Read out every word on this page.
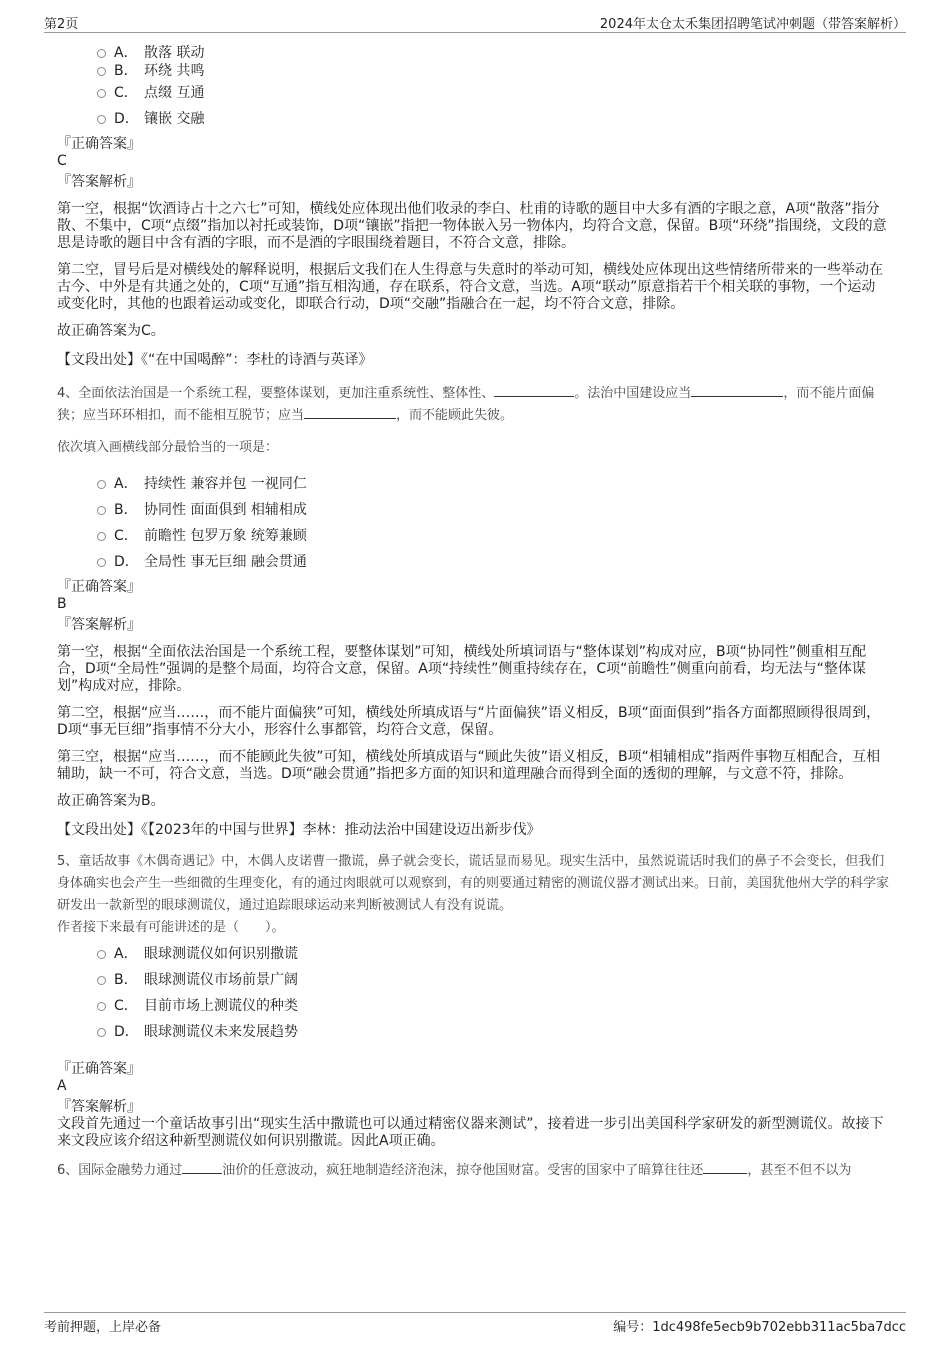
第2页	2024年太仓太禾集团招聘笔试冲刺题（带答案解析）
A． 散落 联动
B． 环绕 共鸣
C． 点缀 互通
D． 镶嵌 交融
『正确答案』
C
『答案解析』

第一空，根据“饮酒诗占十之六七”可知，横线处应体现出他们收录的李白、杜甫的诗歌的题目中大多有酒的字眼之意，A项“散落”指分散、不集中，C项“点缀”指加以衬托或装饰，D项“镶嵌”指把一物体嵌入另一物体内，均符合文意，保留。B项“环绕”指围绕，文段的意思是诗歌的题目中含有酒的字眼，而不是酒的字眼围绕着题目，不符合文意，排除。

第二空，冒号后是对横线处的解释说明，根据后文我们在人生得意与失意时的举动可知，横线处应体现出这些情绪所带来的一些举动在古今、中外是有共通之处的，C项“互通”指互相沟通，存在联系，符合文意，当选。A项“联动”原意指若干个相关联的事物，一个运动或变化时，其他的也跟着运动或变化，即联合行动，D项“交融”指融合在一起，均不符合文意，排除。

故正确答案为C。

【文段出处】《“在中国喝醉”：李杜的诗酒与英译》
4、全面依法治国是一个系统工程，要整体谋划，更加注重系统性、整体性、	。法治中国建设应当	，而不能片面偏狭；应当环环相扣，而不能相互脱节；应当	，而不能顾此失彼。
依次填入画横线部分最恰当的一项是：
A． 持续性 兼容并包 一视同仁
B． 协同性 面面俱到 相辅相成
C． 前瞻性 包罗万象 统筹兼顾
D． 全局性 事无巨细 融会贯通
『正确答案』
B
『答案解析』

第一空，根据“全面依法治国是一个系统工程，要整体谋划”可知，横线处所填词语与“整体谋划”构成对应，B项“协同性”侧重相互配合，D项“全局性”强调的是整个局面，均符合文意，保留。A项“持续性”侧重持续存在，C项“前瞻性”侧重向前看，均无法与“整体谋划”构成对应，排除。

第二空，根据“应当……，而不能片面偏狭”可知，横线处所填成语与“片面偏狭”语义相反，B项“面面俱到”指各方面都照顾得很周到，D项“事无巨细”指事情不分大小，形容什么事都管，均符合文意，保留。

第三空，根据“应当……，而不能顾此失彼”可知，横线处所填成语与“顾此失彼”语义相反，B项“相辅相成”指两件事物互相配合，互相辅助，缺一不可，符合文意，当选。D项“融会贯通”指把多方面的知识和道理融合而得到全面的透彻的理解，与文意不符，排除。

故正确答案为B。

【文段出处】《【2023年的中国与世界】李林：推动法治中国建设迈出新步伐》
5、童话故事《木偶奇遇记》中，木偶人皮诺曹一撒谎，鼻子就会变长，谎话显而易见。现实生活中，虽然说谎话时我们的鼻子不会变长，但我们身体确实也会产生一些细微的生理变化，有的通过肉眼就可以观察到，有的则要通过精密的测谎仪器才测试出来。日前，美国犹他州大学的科学家研发出一款新型的眼球测谎仪，通过追踪眼球运动来判断被测试人有没有说谎。
作者接下来最有可能讲述的是（　　）。
A． 眼球测谎仪如何识别撒谎
B． 眼球测谎仪市场前景广阔
C． 目前市场上测谎仪的种类
D． 眼球测谎仪未来发展趋势
『正确答案』
A
『答案解析』
文段首先通过一个童话故事引出“现实生活中撒谎也可以通过精密仪器来测试”，接着进一步引出美国科学家研发的新型测谎仪。故接下来文段应该介绍这种新型测谎仪如何识别撒谎。因此A项正确。
6、国际金融势力通过	油价的任意波动，疯狂地制造经济泡沫，掠夺他国财富。受害的国家中了暗算往往还	，甚至不但不以为
考前押题，上岸必备	编号：1dc498fe5ecb9b702ebb311ac5ba7dcc
